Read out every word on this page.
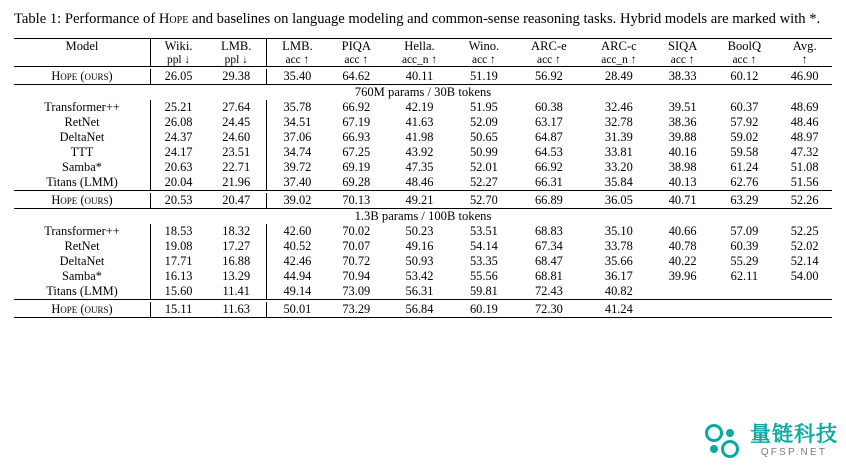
Table 1: Performance of Hope and baselines on language modeling and common-sense reasoning tasks. Hybrid models are marked with *.
Model	Wiki.	LMB.	LMB.	PIQA	Hella.	Wino.	ARC-e	ARC-c	SIQA	BoolQ	Avg.
	ppl ↓	ppl ↓	acc ↑	acc ↑	acc_n ↑	acc ↑	acc ↑	acc_n ↑	acc ↑	acc ↑	↑

Hope (ours)	26.05	29.38	35.40	64.62	40.11	51.19	56.92	28.49	38.33	60.12	46.90
760M params / 30B tokens											
Transformer++	25.21	27.64	35.78	66.92	42.19	51.95	60.38	32.46	39.51	60.37	48.69
RetNet	26.08	24.45	34.51	67.19	41.63	52.09	63.17	32.78	38.36	57.92	48.46
DeltaNet	24.37	24.60	37.06	66.93	41.98	50.65	64.87	31.39	39.88	59.02	48.97
TTT	24.17	23.51	34.74	67.25	43.92	50.99	64.53	33.81	40.16	59.58	47.32
Samba*	20.63	22.71	39.72	69.19	47.35	52.01	66.92	33.20	38.98	61.24	51.08
Titans (LMM)	20.04	21.96	37.40	69.28	48.46	52.27	66.31	35.84	40.13	62.76	51.56

Hope (ours)	20.53	20.47	39.02	70.13	49.21	52.70	66.89	36.05	40.71	63.29	52.26
1.3B params / 100B tokens											
Transformer++	18.53	18.32	42.60	70.02	50.23	53.51	68.83	35.10	40.66	57.09	52.25
RetNet	19.08	17.27	40.52	70.07	49.16	54.14	67.34	33.78	40.78	60.39	52.02
DeltaNet	17.71	16.88	42.46	70.72	50.93	53.35	68.47	35.66	40.22	55.29	52.14
Samba*	16.13	13.29	44.94	70.94	53.42	55.56	68.81	36.17	39.96	62.11	54.00
Titans (LMM)	15.60	11.41	49.14	73.09	56.31	59.81	72.43	40.82			

Hope (ours)	15.11	11.63	50.01	73.29	56.84	60.19	72.30	41.24			
量链科技
QFSP.NET
